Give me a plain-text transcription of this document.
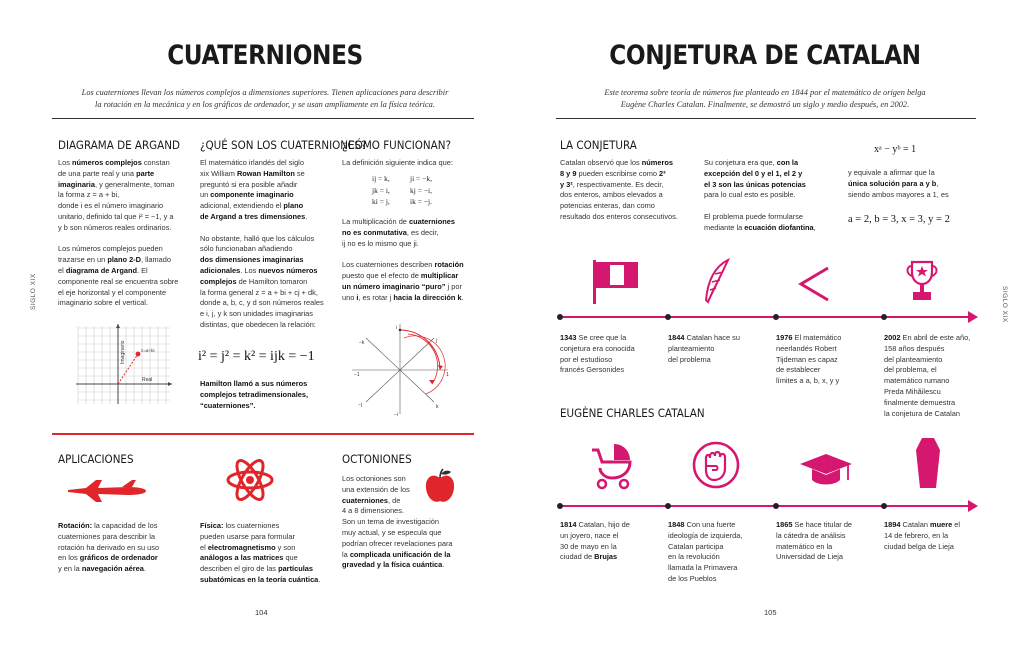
CUATERNIONES
Los cuaterniones llevan los números complejos a dimensiones superiores. Tienen aplicaciones para describir
la rotación en la mecánica y en los gráficos de ordenador, y se usan ampliamente en la física teórica.
DIAGRAMA DE ARGAND
Los números complejos constan
de una parte real y una parte
imaginaria, y generalmente, toman
la forma z = a + bi,
donde i es el número imaginario
unitario, definido tal que i² = −1, y a
y b son números reales ordinarios.
Los números complejos pueden
trazarse en un plano 2-D, llamado
el diagrama de Argand. El
componente real se encuentra sobre
el eje horizontal y el componente
imaginario sobre el vertical.
z=a+bi
Real
Imaginario
¿QUÉ SON LOS CUATERNIONES?
El matemático irlandés del siglo
xix William Rowan Hamilton se
preguntó si era posible añadir
un componente imaginario
adicional, extendiendo el plano
de Argand a tres dimensiones.
No obstante, halló que los cálculos
sólo funcionaban añadiendo
dos dimensiones imaginarias
adicionales. Los nuevos números
complejos de Hamilton tomaron
la forma general z = a + bi + cj + dk,
donde a, b, c, y d son números reales
e i, j, y k son unidades imaginarias
distintas, que obedecen la relación:
i² = j² = k² = ijk = −1
Hamilton llamó a sus números
complejos tetradimensionales,
“cuaterniones”.
¿CÓMO FUNCIONAN?
La definición siguiente indica que:
ij = k,	ji = −k,
jk = i,	kj = −i,
ki = j,	ik = −j.
La multiplicación de cuaterniones
no es conmutativa, es decir,
ij no es lo mismo que ji.
Los cuaterniones describen rotación
puesto que el efecto de multiplicar
un número imaginario “puro” j por
uno i, es rotar j hacia la dirección k.
i
−1	1
−k	j
−j	k
−i
APLICACIONES
Rotación: la capacidad de los
cuaterniones para describir la
rotación ha derivado en su uso
en los gráficos de ordenador
y en la navegación aérea.
Física: los cuaterniones
pueden usarse para formular
el electromagnetismo y son
análogos a las matrices que
describen el giro de las partículas
subatómicas en la teoría cuántica.
OCTONIONES
Los octoniones son
una extensión de los
cuaterniones, de
4 a 8 dimensiones.
Son un tema de investigación
muy actual, y se especula que
podrían ofrecer revelaciones para
la complicada unificación de la
gravedad y la física cuántica.
104
SIGLO XIX
CONJETURA DE CATALAN
Este teorema sobre teoría de números fue planteado en 1844 por el matemático de origen belga
Eugène Charles Catalan. Finalmente, se demostró un siglo y medio después, en 2002.
LA CONJETURA
Catalan observó que los números
8 y 9 pueden escribirse como 2³
y 3², respectivamente. Es decir,
dos enteros, ambos elevados a
potencias enteras, dan como
resultado dos enteros consecutivos.
Su conjetura era que, con la
excepción del 0 y el 1, el 2 y
el 3 son las únicas potencias
para lo cual esto es posible.
El problema puede formularse
mediante la ecuación diofantina,
xᵃ − yᵇ = 1
y equivale a afirmar que la
única solución para a y b,
siendo ambos mayores a 1, es
a = 2, b = 3, x = 3, y = 2
1343 Se cree que la
conjetura era conocida
por el estudioso
francés Gersonides
1844 Catalan hace su
planteamiento
del problema
1976 El matemático
neerlandés Robert
Tijdeman es capaz
de establecer
límites a a, b, x, y y
2002 En abril de este año,
158 años después
del planteamiento
del problema, el
matemático rumano
Preda Mihăilescu
finalmente demuestra
la conjetura de Catalan
EUGÈNE CHARLES CATALAN
1814 Catalan, hijo de
un joyero, nace el
30 de mayo en la
ciudad de Brujas
1848 Con una fuerte
ideología de izquierda,
Catalan participa
en la revolución
llamada la Primavera
de los Pueblos
1865 Se hace titular de
la cátedra de análisis
matemático en la
Universidad de Lieja
1894 Catalan muere el
14 de febrero, en la
ciudad belga de Lieja
105
SIGLO XIX
